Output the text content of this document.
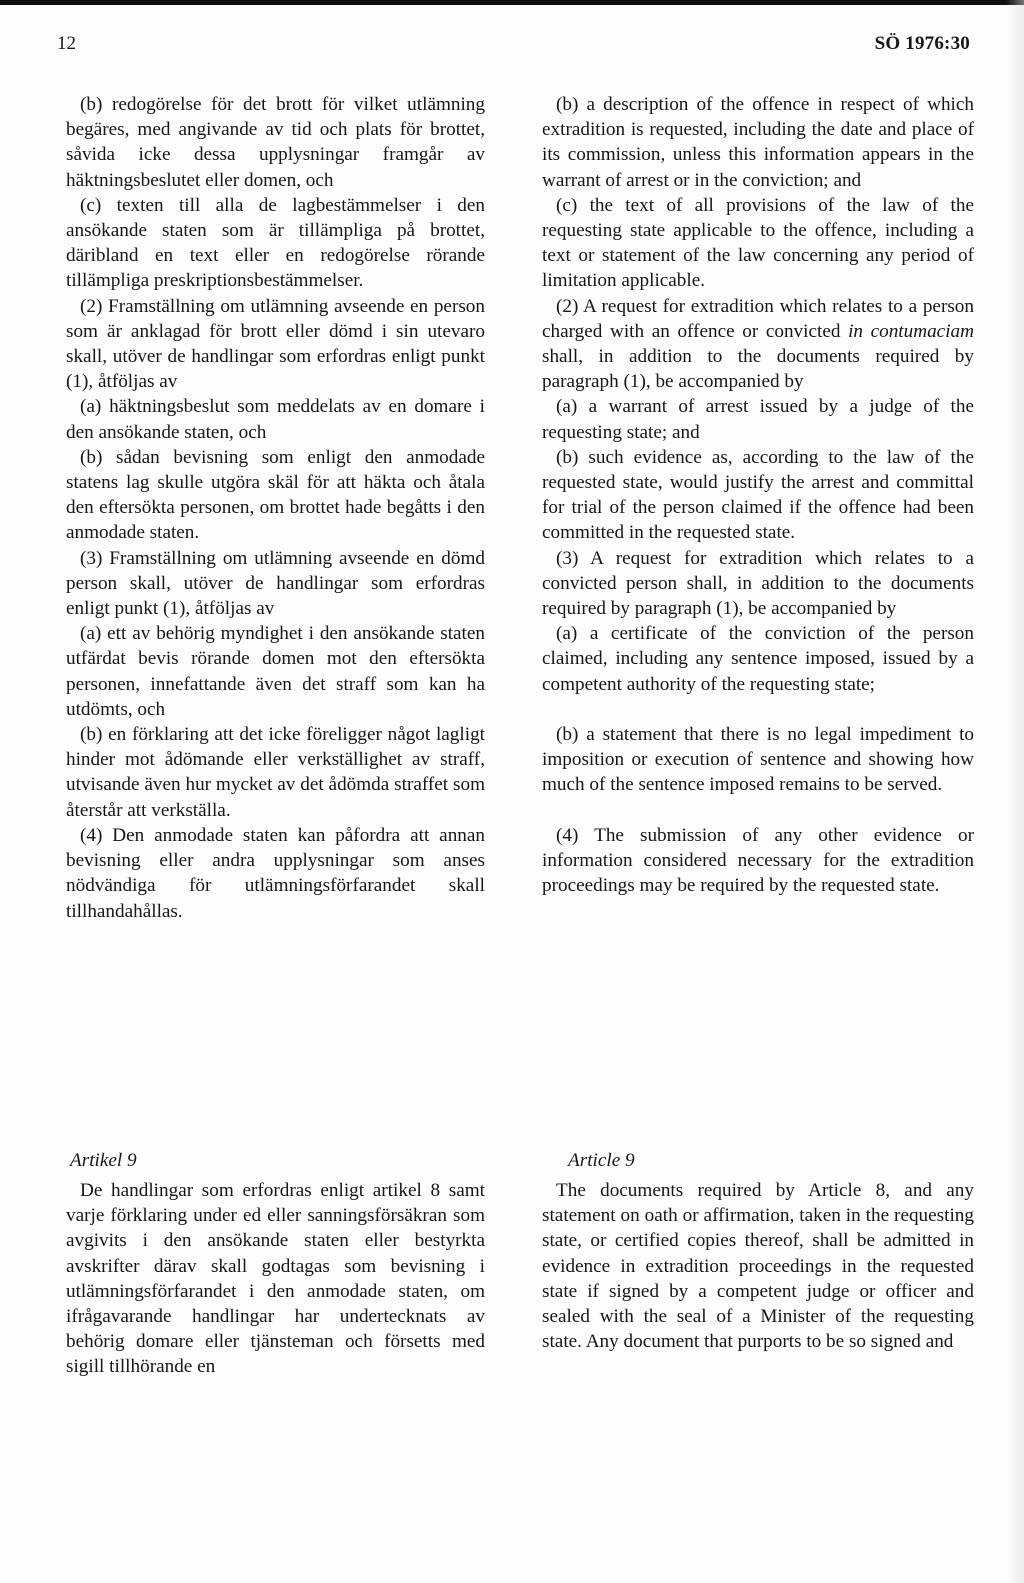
12	SÖ 1976:30

(b) redogörelse för det brott för vilket utlämning begäres, med angivande av tid och plats för brottet, såvida icke dessa upplysningar framgår av häktningsbeslutet eller domen, och

(c) texten till alla de lagbestämmelser i den ansökande staten som är tillämpliga på brottet, däribland en text eller en redogörelse rörande tillämpliga preskriptionsbestämmelser.

(2) Framställning om utlämning avseende en person som är anklagad för brott eller dömd i sin utevaro skall, utöver de handlingar som erfordras enligt punkt (1), åtföljas av

(a) häktningsbeslut som meddelats av en domare i den ansökande staten, och

(b) sådan bevisning som enligt den anmodade statens lag skulle utgöra skäl för att häkta och åtala den eftersökta personen, om brottet hade begåtts i den anmodade staten.

(3) Framställning om utlämning avseende en dömd person skall, utöver de handlingar som erfordras enligt punkt (1), åtföljas av

(a) ett av behörig myndighet i den ansökande staten utfärdat bevis rörande domen mot den eftersökta personen, innefattande även det straff som kan ha utdömts, och

(b) en förklaring att det icke föreligger något lagligt hinder mot ådömande eller verkställighet av straff, utvisande även hur mycket av det ådömda straffet som återstår att verkställa.

(4) Den anmodade staten kan påfordra att annan bevisning eller andra upplysningar som anses nödvändiga för utlämningsförfarandet skall tillhandahållas.

(b) a description of the offence in respect of which extradition is requested, including the date and place of its commission, unless this information appears in the warrant of arrest or in the conviction; and

(c) the text of all provisions of the law of the requesting state applicable to the offence, including a text or statement of the law concerning any period of limitation applicable.

(2) A request for extradition which relates to a person charged with an offence or convicted in contumaciam shall, in addition to the documents required by paragraph (1), be accompanied by

(a) a warrant of arrest issued by a judge of the requesting state; and

(b) such evidence as, according to the law of the requested state, would justify the arrest and committal for trial of the person claimed if the offence had been committed in the requested state.

(3) A request for extradition which relates to a convicted person shall, in addition to the documents required by paragraph (1), be accompanied by

(a) a certificate of the conviction of the person claimed, including any sentence imposed, issued by a competent authority of the requesting state;

(b) a statement that there is no legal impediment to imposition or execution of sentence and showing how much of the sentence imposed remains to be served.

(4) The submission of any other evidence or information considered necessary for the extradition proceedings may be required by the requested state.

Artikel 9	Article 9

De handlingar som erfordras enligt artikel 8 samt varje förklaring under ed eller sanningsförsäkran som avgivits i den ansökande staten eller bestyrkta avskrifter därav skall godtagas som bevisning i utlämningsförfarandet i den anmodade staten, om ifrågavarande handlingar har undertecknats av behörig domare eller tjänsteman och försetts med sigill tillhörande en

The documents required by Article 8, and any statement on oath or affirmation, taken in the requesting state, or certified copies thereof, shall be admitted in evidence in extradition proceedings in the requested state if signed by a competent judge or officer and sealed with the seal of a Minister of the requesting state. Any document that purports to be so signed and
